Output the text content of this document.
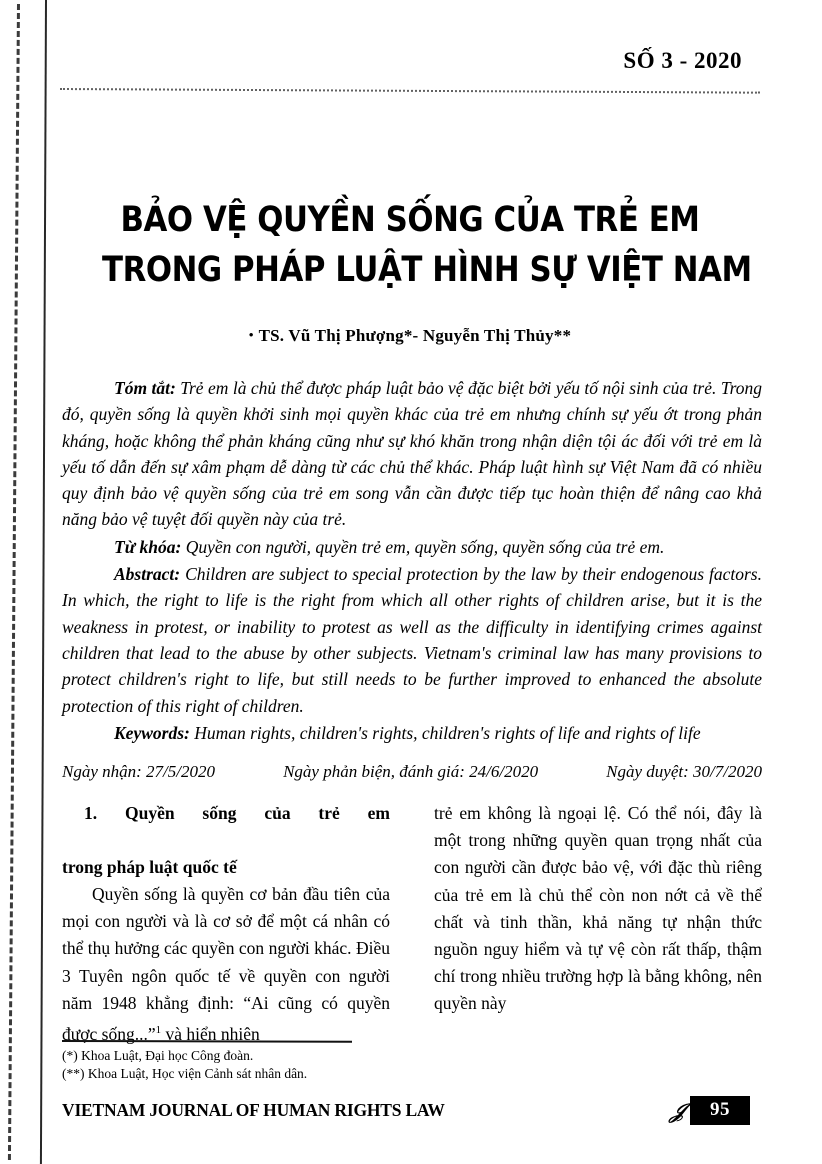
SỐ 3 - 2020
BẢO VỆ QUYỀN SỐNG CỦA TRẺ EM
TRONG PHÁP LUẬT HÌNH SỰ VIỆT NAM
• TS. Vũ Thị Phượng*- Nguyễn Thị Thủy**

Tóm tắt: Trẻ em là chủ thể được pháp luật bảo vệ đặc biệt bởi yếu tố nội sinh của trẻ. Trong đó, quyền sống là quyền khởi sinh mọi quyền khác của trẻ em nhưng chính sự yếu ớt trong phản kháng, hoặc không thể phản kháng cũng như sự khó khăn trong nhận diện tội ác đối với trẻ em là yếu tố dẫn đến sự xâm phạm dễ dàng từ các chủ thể khác. Pháp luật hình sự Việt Nam đã có nhiều quy định bảo vệ quyền sống của trẻ em song vẫn cần được tiếp tục hoàn thiện để nâng cao khả năng bảo vệ tuyệt đối quyền này của trẻ.

Từ khóa: Quyền con người, quyền trẻ em, quyền sống, quyền sống của trẻ em.

Abstract: Children are subject to special protection by the law by their endogenous factors. In which, the right to life is the right from which all other rights of children arise, but it is the weakness in protest, or inability to protest as well as the difficulty in identifying crimes against children that lead to the abuse by other subjects. Vietnam's criminal law has many provisions to protect children's right to life, but still needs to be further improved to enhanced the absolute protection of this right of children.

Keywords: Human rights, children's rights, children's rights of life and rights of life

Ngày nhận: 27/5/2020	Ngày phản biện, đánh giá: 24/6/2020	Ngày duyệt: 30/7/2020
1. Quyền sống của trẻ em
trong pháp luật quốc tế

Quyền sống là quyền cơ bản đầu tiên của mọi con người và là cơ sở để một cá nhân có thể thụ hưởng các quyền con người khác. Điều 3 Tuyên ngôn quốc tế về quyền con người năm 1948 khẳng định: “Ai cũng có quyền được sống...”$^1$ và hiển nhiên

trẻ em không là ngoại lệ. Có thể nói, đây là một trong những quyền quan trọng nhất của con người cần được bảo vệ, với đặc thù riêng của trẻ em là chủ thể còn non nớt cả về thể chất và tinh thần, khả năng tự nhận thức nguồn nguy hiểm và tự vệ còn rất thấp, thậm chí trong nhiều trường hợp là bằng không, nên quyền này

(*) Khoa Luật, Đại học Công đoàn.
(**) Khoa Luật, Học viện Cảnh sát nhân dân.
VIETNAM JOURNAL OF HUMAN RIGHTS LAW	𝒥	95
